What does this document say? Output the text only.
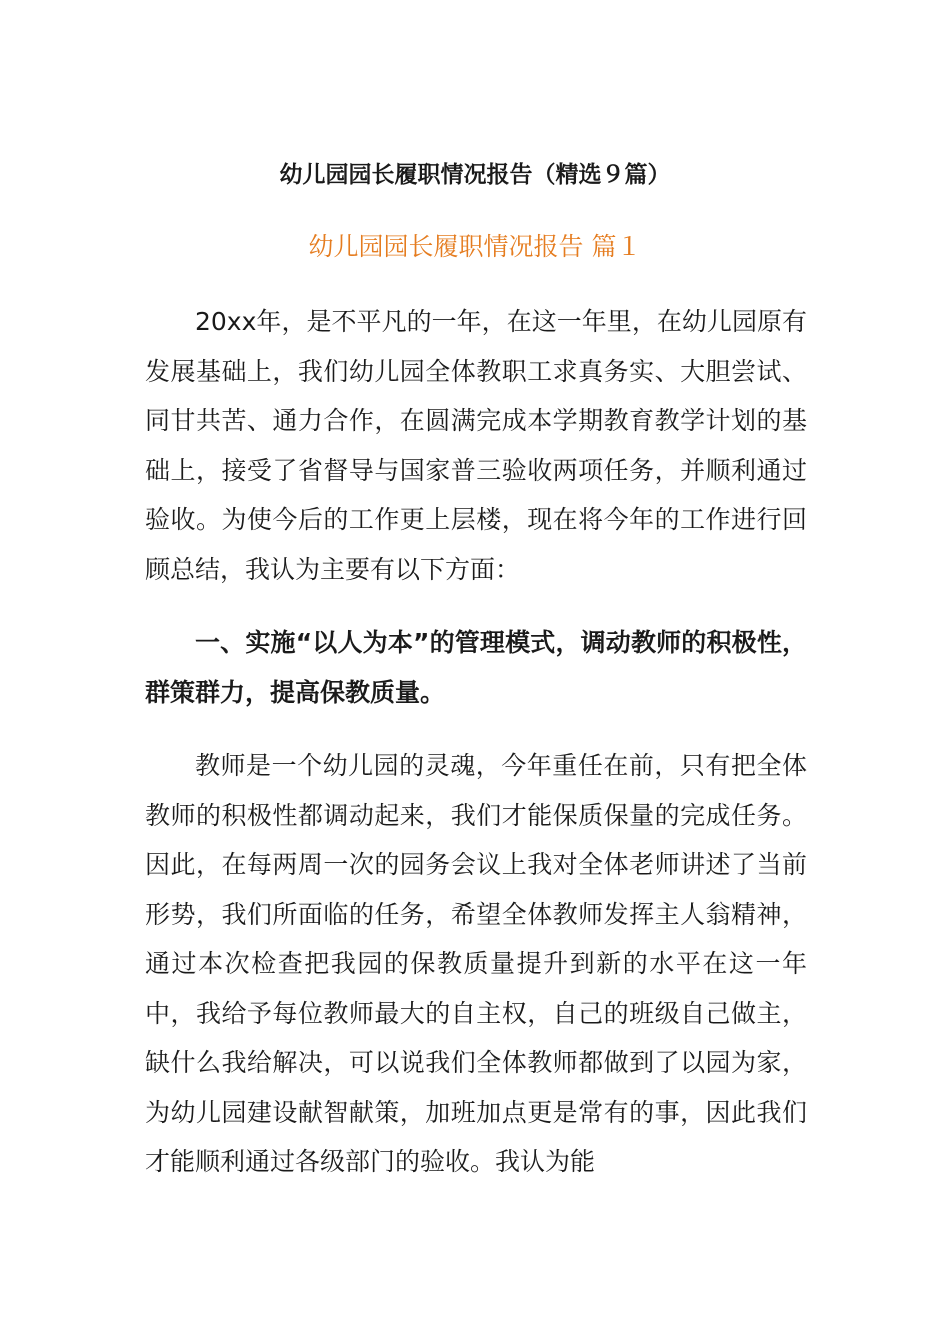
幼儿园园长履职情况报告（精选９篇）
幼儿园园长履职情况报告 篇１

20xx年，是不平凡的一年，在这一年里，在幼儿园原有发展基础上，我们幼儿园全体教职工求真务实、大胆尝试、同甘共苦、通力合作，在圆满完成本学期教育教学计划的基础上，接受了省督导与国家普三验收两项任务，并顺利通过验收。为使今后的工作更上层楼，现在将今年的工作进行回顾总结，我认为主要有以下方面：

一、实施“以人为本”的管理模式，调动教师的积极性，群策群力，提高保教质量。

教师是一个幼儿园的灵魂，今年重任在前，只有把全体教师的积极性都调动起来，我们才能保质保量的完成任务。因此，在每两周一次的园务会议上我对全体老师讲述了当前形势，我们所面临的任务，希望全体教师发挥主人翁精神，通过本次检查把我园的保教质量提升到新的水平在这一年中，我给予每位教师最大的自主权，自己的班级自己做主，缺什么我给解决，可以说我们全体教师都做到了以园为家，为幼儿园建设献智献策，加班加点更是常有的事，因此我们才能顺利通过各级部门的验收。我认为能
